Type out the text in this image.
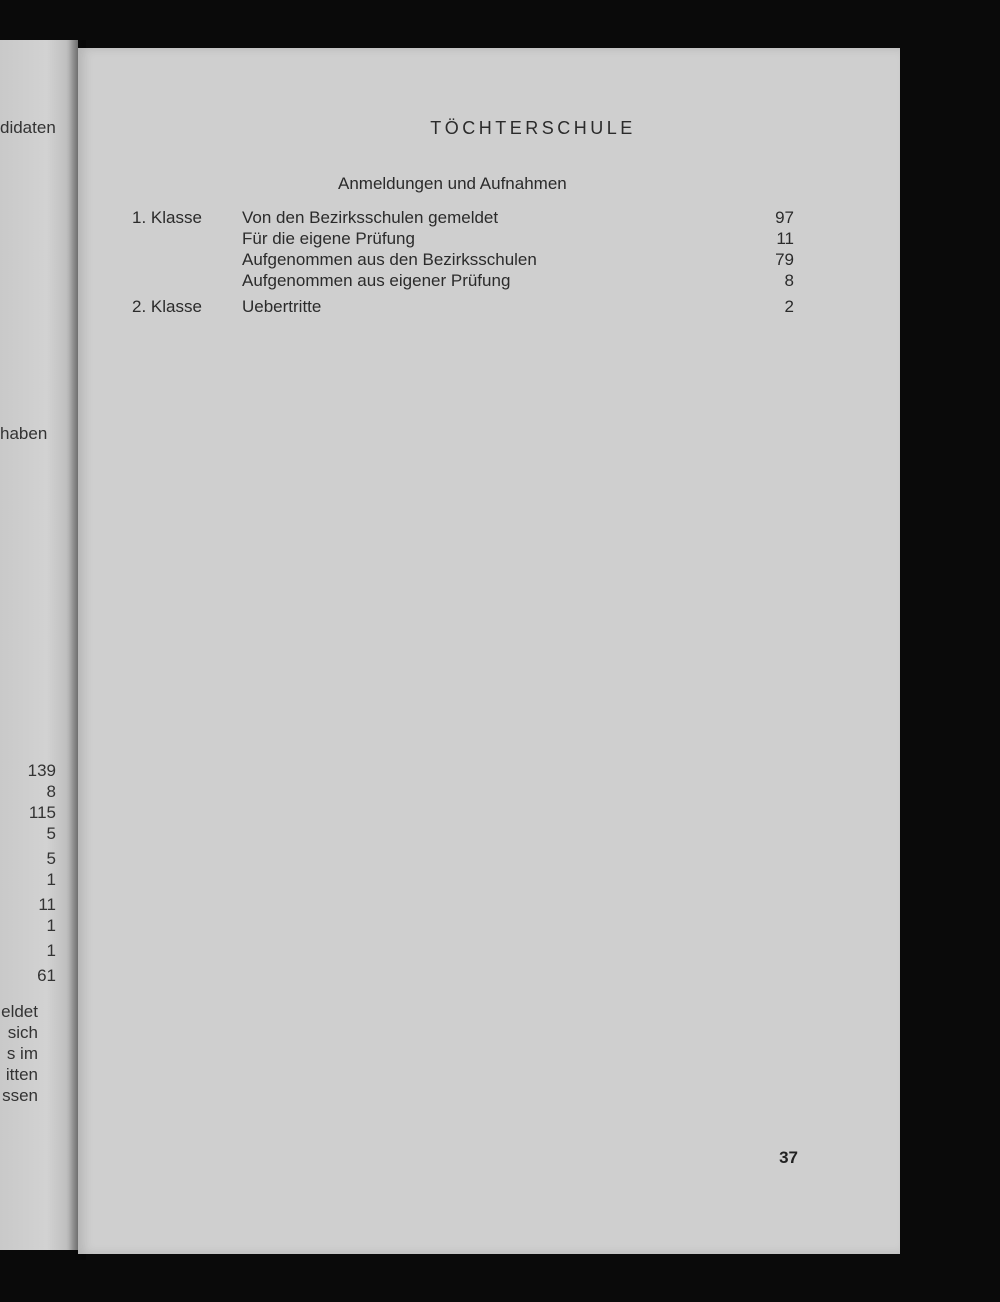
didaten
haben
139
8
115
5
5
1
11
1
1
61
eldet
sich
s im
itten
ssen
TÖCHTERSCHULE
Anmeldungen und Aufnahmen
1. Klasse Von den Bezirksschulen gemeldet	97
Für die eigene Prüfung	11
Aufgenommen aus den Bezirksschulen	79
Aufgenommen aus eigener Prüfung	8
2. Klasse Uebertritte	2
37
